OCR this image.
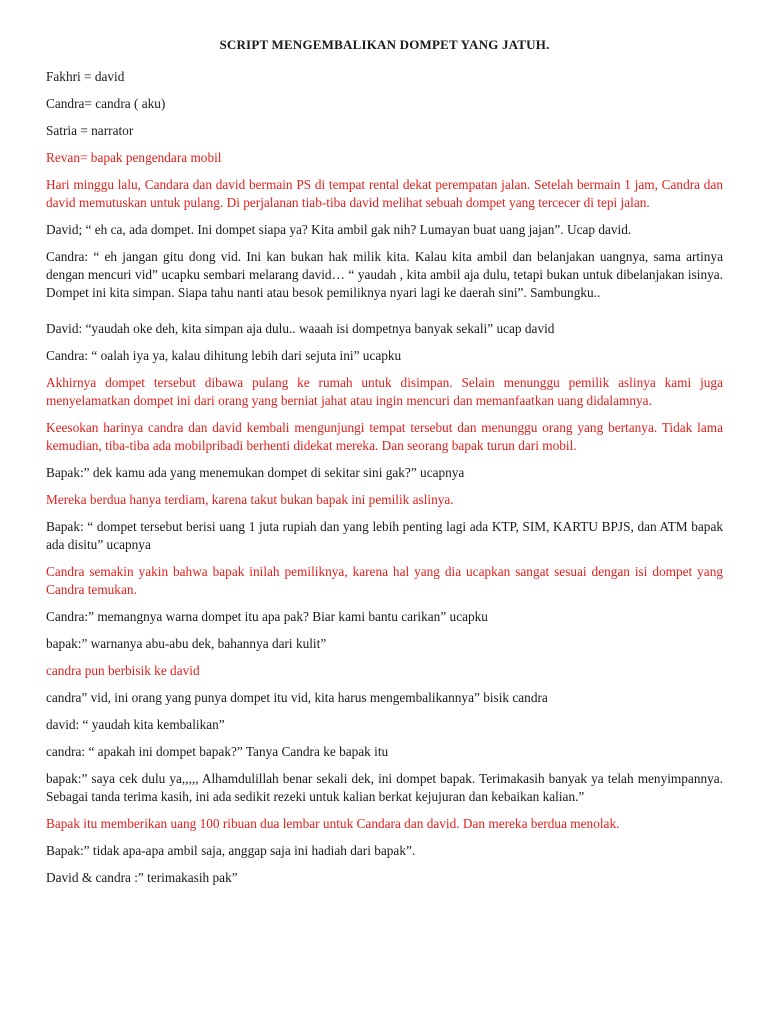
SCRIPT MENGEMBALIKAN DOMPET YANG JATUH.
Fakhri = david
Candra= candra ( aku)
Satria = narrator
Revan= bapak pengendara mobil
Hari minggu lalu, Candara dan david bermain PS di tempat rental dekat perempatan jalan. Setelah bermain 1 jam, Candra dan david memutuskan untuk pulang. Di perjalanan tiab-tiba david melihat sebuah dompet yang tercecer di tepi jalan.
David; “ eh ca, ada dompet. Ini dompet siapa ya? Kita ambil gak nih? Lumayan buat uang jajan”. Ucap david.
Candra: “ eh jangan gitu dong vid. Ini kan bukan hak milik kita. Kalau kita ambil dan belanjakan uangnya, sama artinya dengan mencuri vid” ucapku sembari melarang david… “ yaudah , kita ambil aja dulu, tetapi bukan untuk dibelanjakan isinya. Dompet ini kita simpan. Siapa tahu nanti atau besok pemiliknya nyari lagi ke daerah sini”. Sambungku..
David: “yaudah oke deh, kita simpan aja dulu.. waaah isi dompetnya banyak sekali” ucap david
Candra: “ oalah iya ya, kalau dihitung lebih dari sejuta ini” ucapku
Akhirnya dompet tersebut dibawa pulang ke rumah untuk disimpan. Selain menunggu pemilik aslinya kami juga menyelamatkan dompet ini dari orang yang berniat jahat atau ingin mencuri dan memanfaatkan uang didalamnya.
Keesokan harinya candra dan david kembali mengunjungi tempat tersebut dan menunggu orang yang bertanya. Tidak lama kemudian, tiba-tiba ada mobilpribadi berhenti didekat mereka. Dan seorang bapak turun dari mobil.
Bapak:” dek kamu ada yang menemukan dompet di sekitar sini gak?” ucapnya
Mereka berdua hanya terdiam, karena takut bukan bapak ini pemilik aslinya.
Bapak: “ dompet tersebut berisi uang 1 juta rupiah dan yang lebih penting lagi ada KTP, SIM, KARTU BPJS, dan ATM bapak ada disitu” ucapnya
Candra semakin yakin bahwa bapak inilah pemiliknya, karena hal yang dia ucapkan sangat sesuai dengan isi dompet yang Candra temukan.
Candra:” memangnya warna dompet itu apa pak? Biar kami bantu carikan” ucapku
bapak:” warnanya abu-abu dek, bahannya dari kulit”
candra pun berbisik ke david
candra” vid, ini orang yang punya dompet itu vid, kita harus mengembalikannya” bisik candra
david: “ yaudah kita kembalikan”
candra: “ apakah ini dompet bapak?” Tanya Candra ke bapak itu
bapak:” saya cek dulu ya,,,,, Alhamdulillah benar sekali dek, ini dompet bapak. Terimakasih banyak ya telah menyimpannya. Sebagai tanda terima kasih, ini ada sedikit rezeki untuk kalian berkat kejujuran dan kebaikan kalian.”
Bapak itu memberikan uang 100 ribuan dua lembar untuk Candara dan david. Dan mereka berdua menolak.
Bapak:” tidak apa-apa ambil saja, anggap saja ini hadiah dari bapak”.
David & candra :” terimakasih pak”
